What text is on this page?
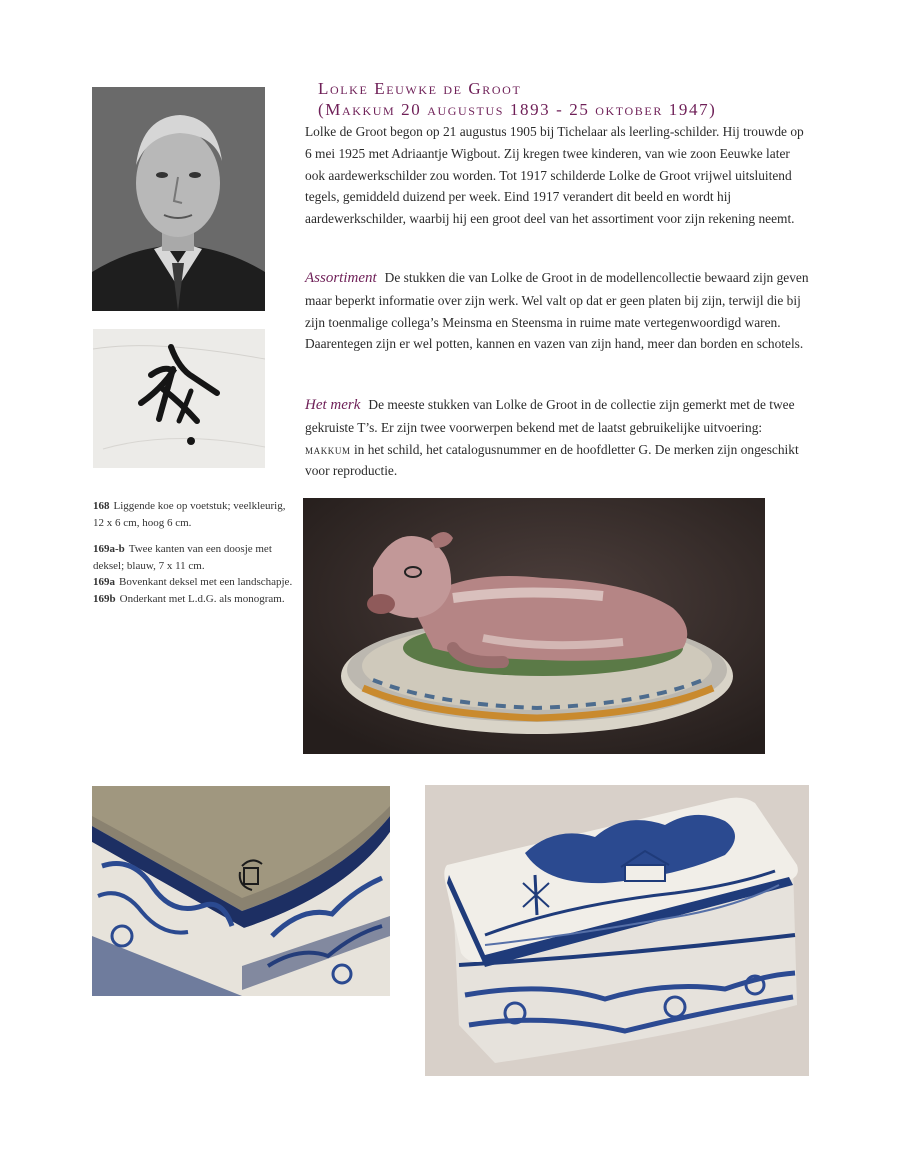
Lolke Eeuwke de Groot
(Makkum 20 augustus 1893 - 25 oktober 1947)
Lolke de Groot begon op 21 augustus 1905 bij Tichelaar als leerling-schilder. Hij trouwde op 6 mei 1925 met Adriaantje Wigbout. Zij kregen twee kinderen, van wie zoon Eeuwke later ook aardewerkschilder zou worden. Tot 1917 schilderde Lolke de Groot vrijwel uitsluitend tegels, gemiddeld duizend per week. Eind 1917 verandert dit beeld en wordt hij aardewerkschilder, waarbij hij een groot deel van het assortiment voor zijn rekening neemt.
Assortiment De stukken die van Lolke de Groot in de modellencollectie bewaard zijn geven maar beperkt informatie over zijn werk. Wel valt op dat er geen platen bij zijn, terwijl die bij zijn toenmalige collega’s Meinsma en Steensma in ruime mate vertegenwoordigd waren. Daarentegen zijn er wel potten, kannen en vazen van zijn hand, meer dan borden en schotels.
Het merk De meeste stukken van Lolke de Groot in de collectie zijn gemerkt met de twee gekruiste T’s. Er zijn twee voorwerpen bekend met de laatst gebruikelijke uitvoering: makkum in het schild, het catalogusnummer en de hoofdletter G. De merken zijn ongeschikt voor reproductie.
168 Liggende koe op voetstuk; veelkleurig, 12 x 6 cm, hoog 6 cm.
169a-b Twee kanten van een doosje met deksel; blauw, 7 x 11 cm.
169a Bovenkant deksel met een landschapje.
169b Onderkant met L.d.G. als monogram.
